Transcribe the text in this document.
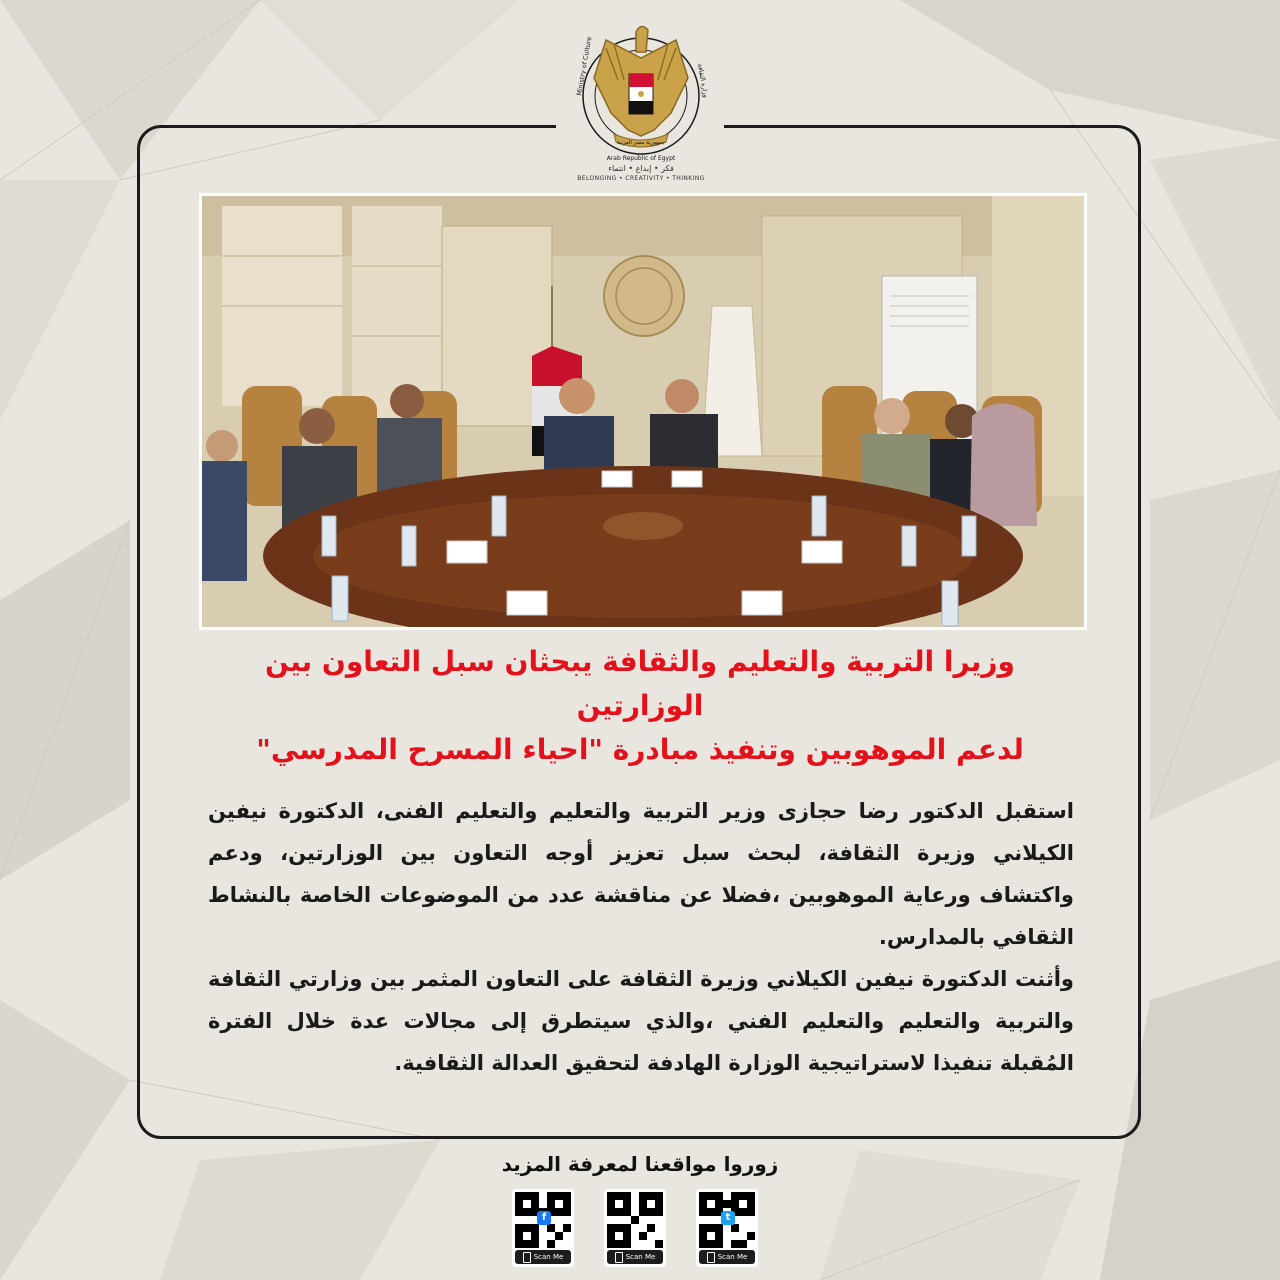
Ministry of Culture	وزارة الثقافة
Arab Republic of Egypt
جمهورية مصر العربية
فكر • إبداع • انتماء
BELONGING • CREATIVITY • THINKING
وزيرا التربية والتعليم والثقافة يبحثان سبل التعاون بين الوزارتين
لدعم الموهوبين وتنفيذ مبادرة "احياء المسرح المدرسي"

استقبل الدكتور رضا حجازى وزير التربية والتعليم والتعليم الفنى، الدكتورة نيفين الكيلاني وزيرة الثقافة، لبحث سبل تعزيز أوجه التعاون بين الوزارتين، ودعم واكتشاف ورعاية الموهوبين ،فضلا عن مناقشة عدد من الموضوعات الخاصة بالنشاط الثقافي بالمدارس.

وأثنت الدكتورة نيفين الكيلاني وزيرة الثقافة على التعاون المثمر بين وزارتي الثقافة والتربية والتعليم والتعليم الفني ،والذي سيتطرق إلى مجالات عدة خلال الفترة المُقبلة تنفيذا لاستراتيجية الوزارة الهادفة لتحقيق العدالة الثقافية.

زوروا مواقعنا لمعرفة المزيد
f
Scan Me	Scan Me
t
Scan Me
